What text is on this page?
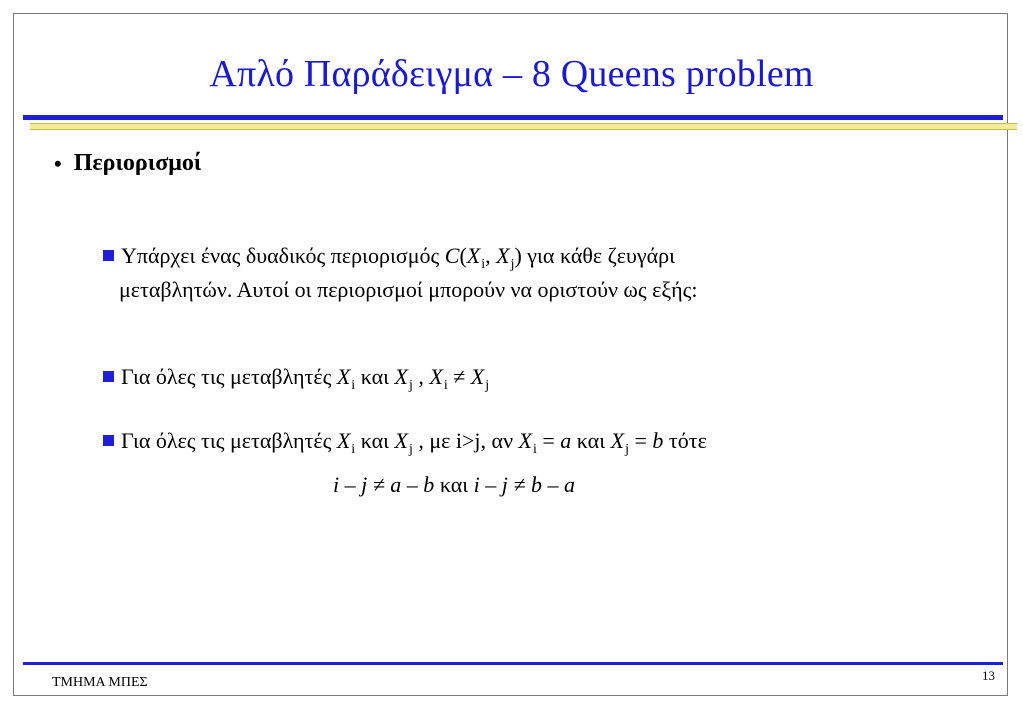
Απλό Παράδειγμα – 8 Queens problem
• Περιορισμοί
Υπάρχει ένας δυαδικός περιορισμός $C(X_i$, $X_j$) για κάθε ζευγάρι
μεταβλητών. Αυτοί οι περιορισμοί μπορούν να οριστούν ως εξής:
Για όλες τις μεταβλητές $X_i$ και $X_j$ , $X_i \ne X_j$
Για όλες τις μεταβλητές $X_i$ και $X_j$ , με i>j, αν $X_i = a$ και $X_j = b$ τότε
i – j ≠ a – b και i – j ≠ b – a
ΤΜΗΜΑ ΜΠΕΣ	13
